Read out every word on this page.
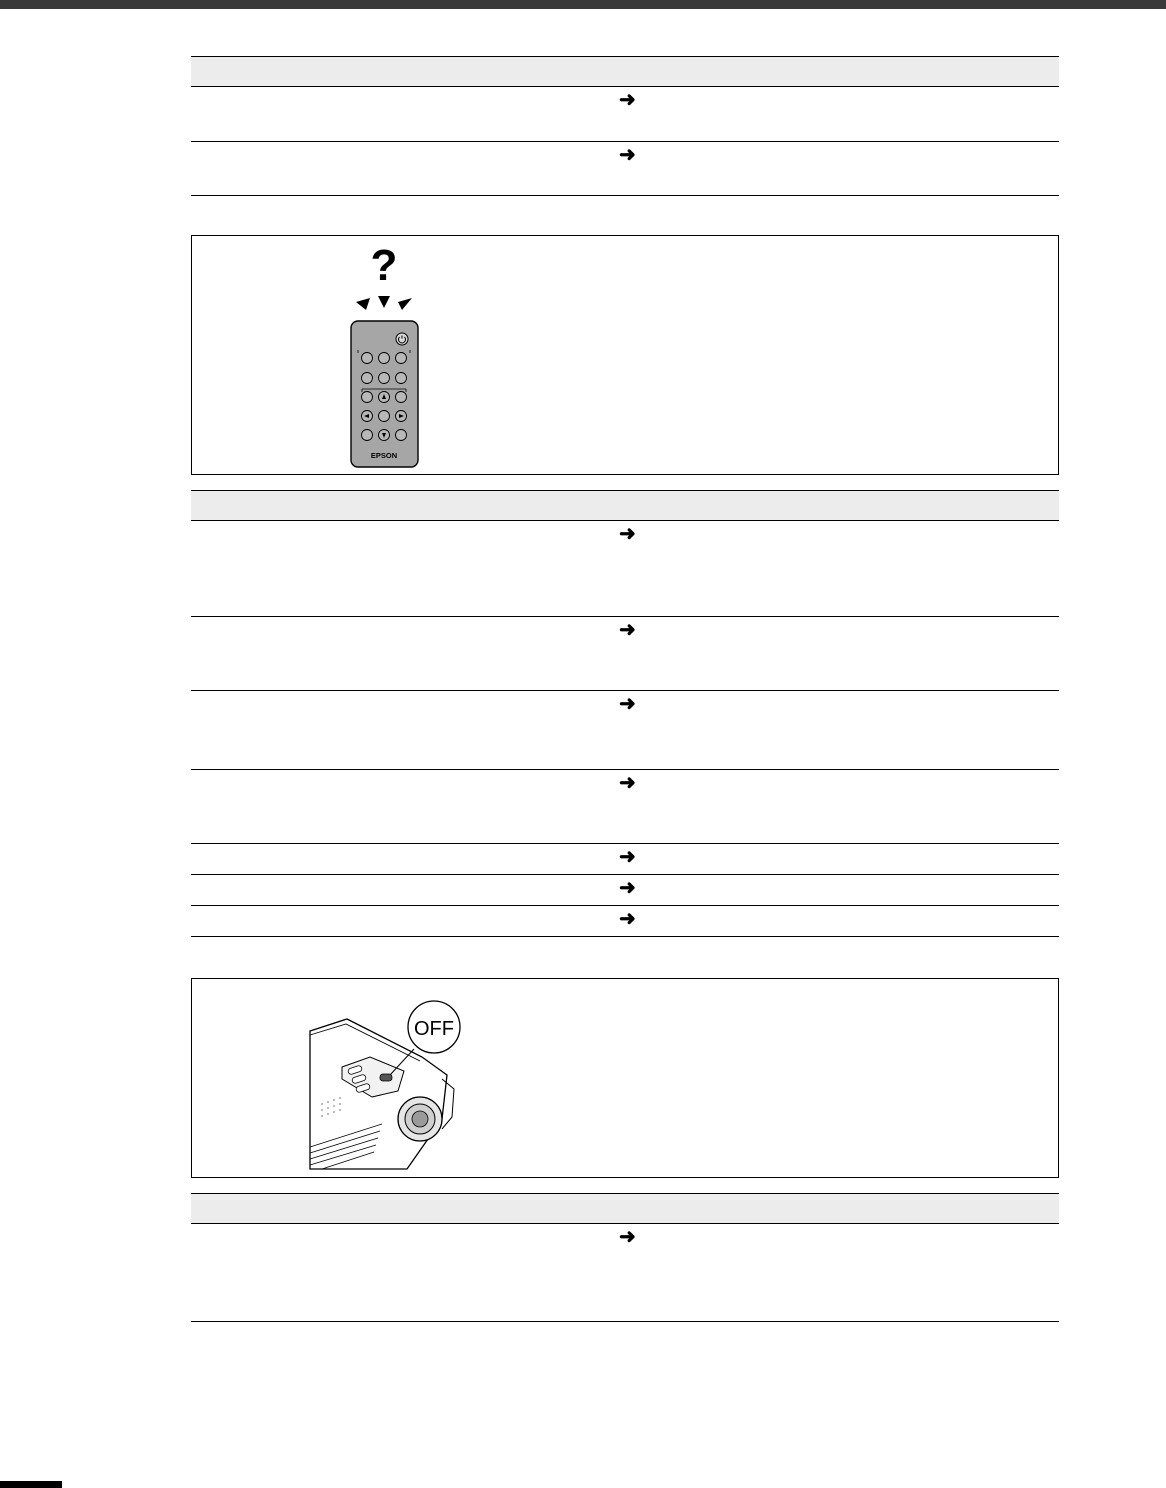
➜
➜
?
EPSON
➜
➜
➜
➜
➜
➜
➜
OFF
➜
